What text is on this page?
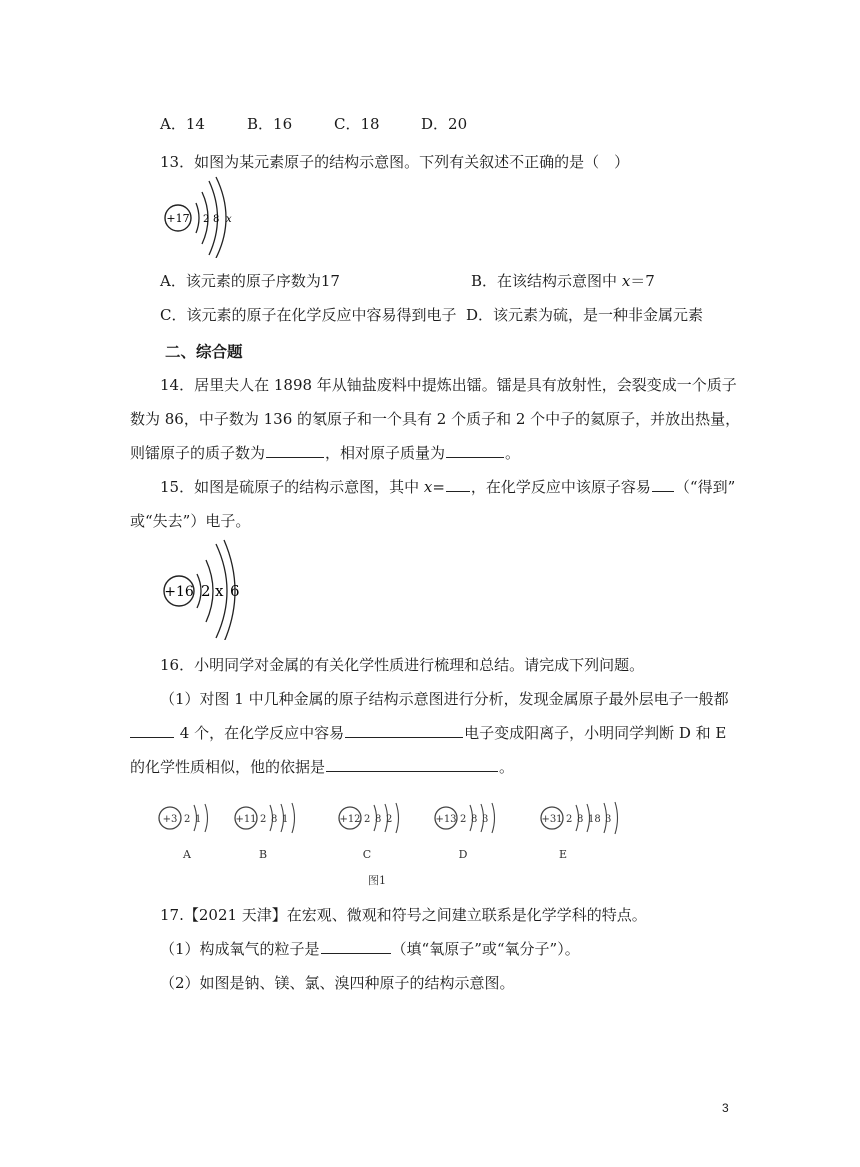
A．14	B．16	C．18	D．20
13．如图为某元素原子的结构示意图。下列有关叙述不正确的是（　）
+17 2 8 x
A．该元素的原子序数为17	B．在该结构示意图中 x＝7
C．该元素的原子在化学反应中容易得到电子 D．该元素为硫，是一种非金属元素
二、综合题
14．居里夫人在 1898 年从铀盐废料中提炼出镭。镭是具有放射性，会裂变成一个质子
数为 86，中子数为 136 的氡原子和一个具有 2 个质子和 2 个中子的氦原子，并放出热量，
则镭原子的质子数为	，相对原子质量为	。
15．如图是硫原子的结构示意图，其中 x= ，在化学反应中该原子容易 （“得到”
或“失去”）电子。
+16 2 x 6
16．小明同学对金属的有关化学性质进行梳理和总结。请完成下列问题。
（1）对图 1 中几种金属的原子结构示意图进行分析，发现金属原子最外层电子一般都
4 个，在化学反应中容易	电子变成阳离子，小明同学判断 D 和 E
的化学性质相似，他的依据是	。
+3 2 1
A
+11 2 8 1
B
+12 2 8 2
C
+13 2 8 3
D
+31 2 8 18 3
E
图1
17.【2021 天津】在宏观、微观和符号之间建立联系是化学学科的特点。
（1）构成氧气的粒子是	（填“氧原子”或“氧分子”）。
（2）如图是钠、镁、氯、溴四种原子的结构示意图。
3
